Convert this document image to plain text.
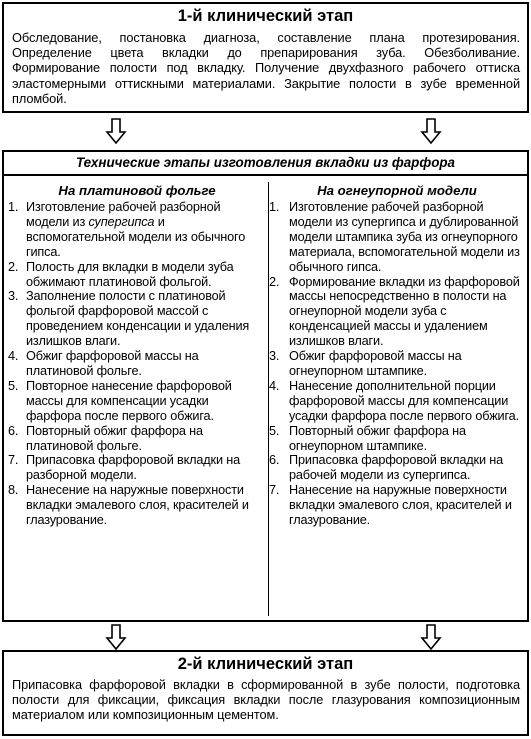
1-й клинический этап
Обследование, постановка диагноза, составление плана протезирования. Определение цвета вкладки до препарирования зуба. Обезболивание. Формирование полости под вкладку. Получение двухфазного рабочего оттиска эластомерными оттискными материалами. Закрытие полости в зубе временной пломбой.
Технические этапы изготовления вкладки из фарфора
На платиновой фольге
1. Изготовление рабочей разборной модели из супергипса и вспомогательной модели из обычного гипса.
2. Полость для вкладки в модели зуба обжимают платиновой фольгой.
3. Заполнение полости с платиновой фольгой фарфоровой массой с проведением конденсации и удаления излишков влаги.
4. Обжиг фарфоровой массы на платиновой фольге.
5. Повторное нанесение фарфоровой массы для компенсации усадки фарфора после первого обжига.
6. Повторный обжиг фарфора на платиновой фольге.
7. Припасовка фарфоровой вкладки на разборной модели.
8. Нанесение на наружные поверхности вкладки эмалевого слоя, красителей и глазурование.
На огнеупорной модели
1. Изготовление рабочей разборной модели из супергипса и дублированной модели штампика зуба из огнеупорного материала, вспомогательной модели из обычного гипса.
2. Формирование вкладки из фарфоровой массы непосредственно в полости на огнеупорной модели зуба с конденсацией массы и удалением излишков влаги.
3. Обжиг фарфоровой массы на огнеупорном штампике.
4. Нанесение дополнительной порции фарфоровой массы для компенсации усадки фарфора после первого обжига.
5. Повторный обжиг фарфора на огнеупорном штампике.
6. Припасовка фарфоровой вкладки на рабочей модели из супергипса.
7. Нанесение на наружные поверхности вкладки эмалевого слоя, красителей и глазурование.
2-й клинический этап
Припасовка фарфоровой вкладки в сформированной в зубе полости, подготовка полости для фиксации, фиксация вкладки после глазурования композиционным материалом или композиционным цементом.
